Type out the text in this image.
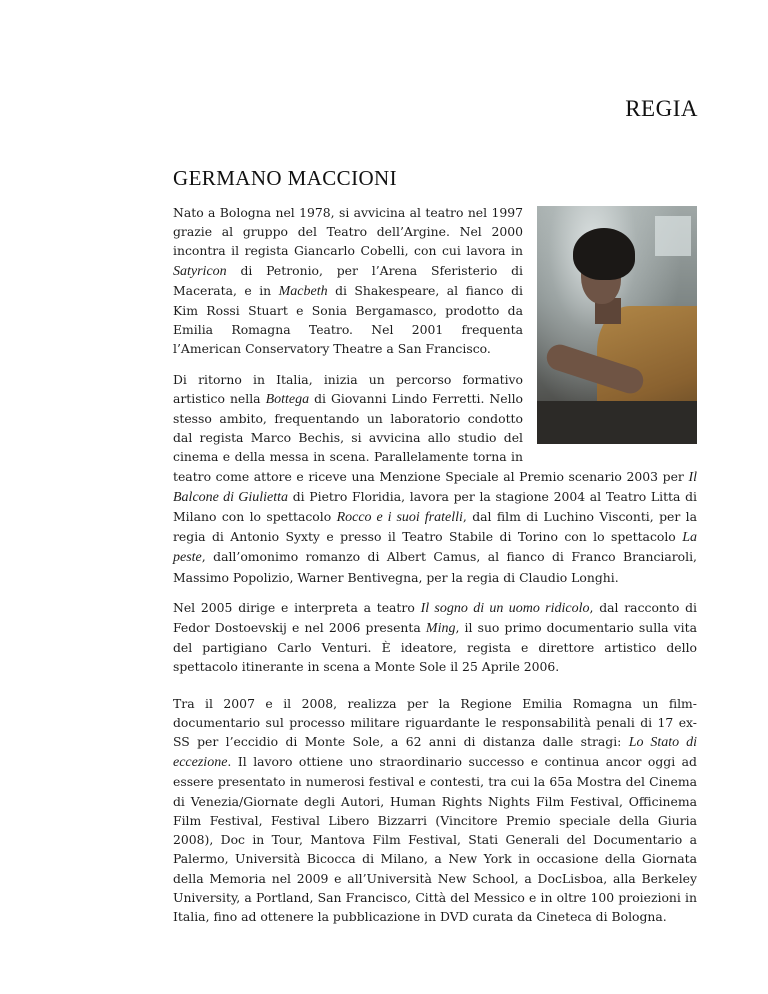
REGIA
GERMANO MACCIONI

Nato a Bologna nel 1978, si avvicina al teatro nel 1997 grazie al gruppo del Teatro dell’Argine. Nel 2000 incontra il regista Giancarlo Cobelli, con cui lavora in Satyricon di Petronio, per l’Arena Sferisterio di Macerata, e in Macbeth di Shakespeare, al fianco di Kim Rossi Stuart e Sonia Bergamasco, prodotto da Emilia Romagna Teatro. Nel 2001 frequenta l’American Conservatory Theatre a San Francisco.

Di ritorno in Italia, inizia un percorso formativo artistico nella Bottega di Giovanni Lindo Ferretti. Nello stesso ambito, frequentando un laboratorio condotto dal regista Marco Bechis, si avvicina allo studio del cinema e della messa in scena. Parallelamente torna in teatro come attore e riceve una Menzione Speciale al Premio scenario 2003 per Il Balcone di Giulietta di Pietro Floridia, lavora per la stagione 2004 al Teatro Litta di Milano con lo spettacolo Rocco e i suoi fratelli, dal film di Luchino Visconti, per la regia di Antonio Syxty e presso il Teatro Stabile di Torino con lo spettacolo La peste, dall’omonimo romanzo di Albert Camus, al fianco di Franco Branciaroli, Massimo Popolizio, Warner Bentivegna, per la regia di Claudio Longhi.

Nel 2005 dirige e interpreta a teatro Il sogno di un uomo ridicolo, dal racconto di Fedor Dostoevskij e nel 2006 presenta Ming, il suo primo documentario sulla vita del partigiano Carlo Venturi. È ideatore, regista e direttore artistico dello spettacolo itinerante in scena a Monte Sole il 25 Aprile 2006.

Tra il 2007 e il 2008, realizza per la Regione Emilia Romagna un film-documentario sul processo militare riguardante le responsabilità penali di 17 ex-SS per l’eccidio di Monte Sole, a 62 anni di distanza dalle stragi: Lo Stato di eccezione. Il lavoro ottiene uno straordinario successo e continua ancor oggi ad essere presentato in numerosi festival e contesti, tra cui la 65a Mostra del Cinema di Venezia/Giornate degli Autori, Human Rights Nights Film Festival, Officinema Film Festival, Festival Libero Bizzarri (Vincitore Premio speciale della Giuria 2008), Doc in Tour, Mantova Film Festival, Stati Generali del Documentario a Palermo, Università Bicocca di Milano, a New York in occasione della Giornata della Memoria nel 2009 e all’Università New School, a DocLisboa, alla Berkeley University, a Portland, San Francisco, Città del Messico e in oltre 100 proiezioni in Italia, fino ad ottenere la pubblicazione in DVD curata da Cineteca di Bologna.
